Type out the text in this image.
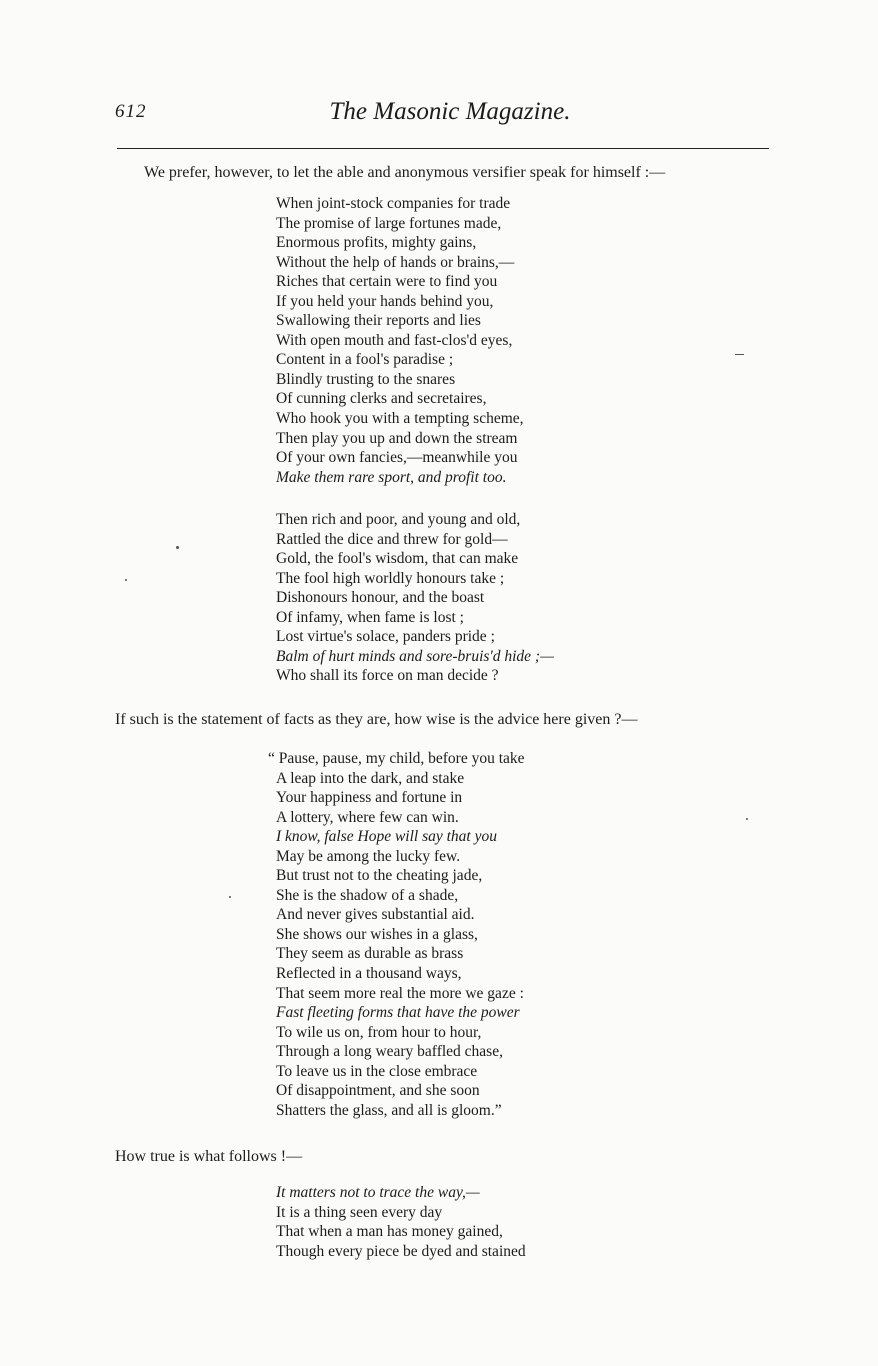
612	The Masonic Magazine.
We prefer, however, to let the able and anonymous versifier speak for himself :—
When joint-stock companies for trade
The promise of large fortunes made,
Enormous profits, mighty gains,
Without the help of hands or brains,—
Riches that certain were to find you
If you held your hands behind you,
Swallowing their reports and lies
With open mouth and fast-clos'd eyes,
Content in a fool's paradise ;
Blindly trusting to the snares
Of cunning clerks and secretaires,
Who hook you with a tempting scheme,
Then play you up and down the stream
Of your own fancies,—meanwhile you
Make them rare sport, and profit too.
Then rich and poor, and young and old,
Rattled the dice and threw for gold—
Gold, the fool's wisdom, that can make
The fool high worldly honours take ;
Dishonours honour, and the boast
Of infamy, when fame is lost ;
Lost virtue's solace, panders pride ;
Balm of hurt minds and sore-bruis'd hide ;—
Who shall its force on man decide ?
If such is the statement of facts as they are, how wise is the advice here given ?—
“ Pause, pause, my child, before you take
A leap into the dark, and stake
Your happiness and fortune in
A lottery, where few can win.
I know, false Hope will say that you
May be among the lucky few.
But trust not to the cheating jade,
She is the shadow of a shade,
And never gives substantial aid.
She shows our wishes in a glass,
They seem as durable as brass
Reflected in a thousand ways,
That seem more real the more we gaze :
Fast fleeting forms that have the power
To wile us on, from hour to hour,
Through a long weary baffled chase,
To leave us in the close embrace
Of disappointment, and she soon
Shatters the glass, and all is gloom.”
How true is what follows !—
It matters not to trace the way,—
It is a thing seen every day
That when a man has money gained,
Though every piece be dyed and stained
